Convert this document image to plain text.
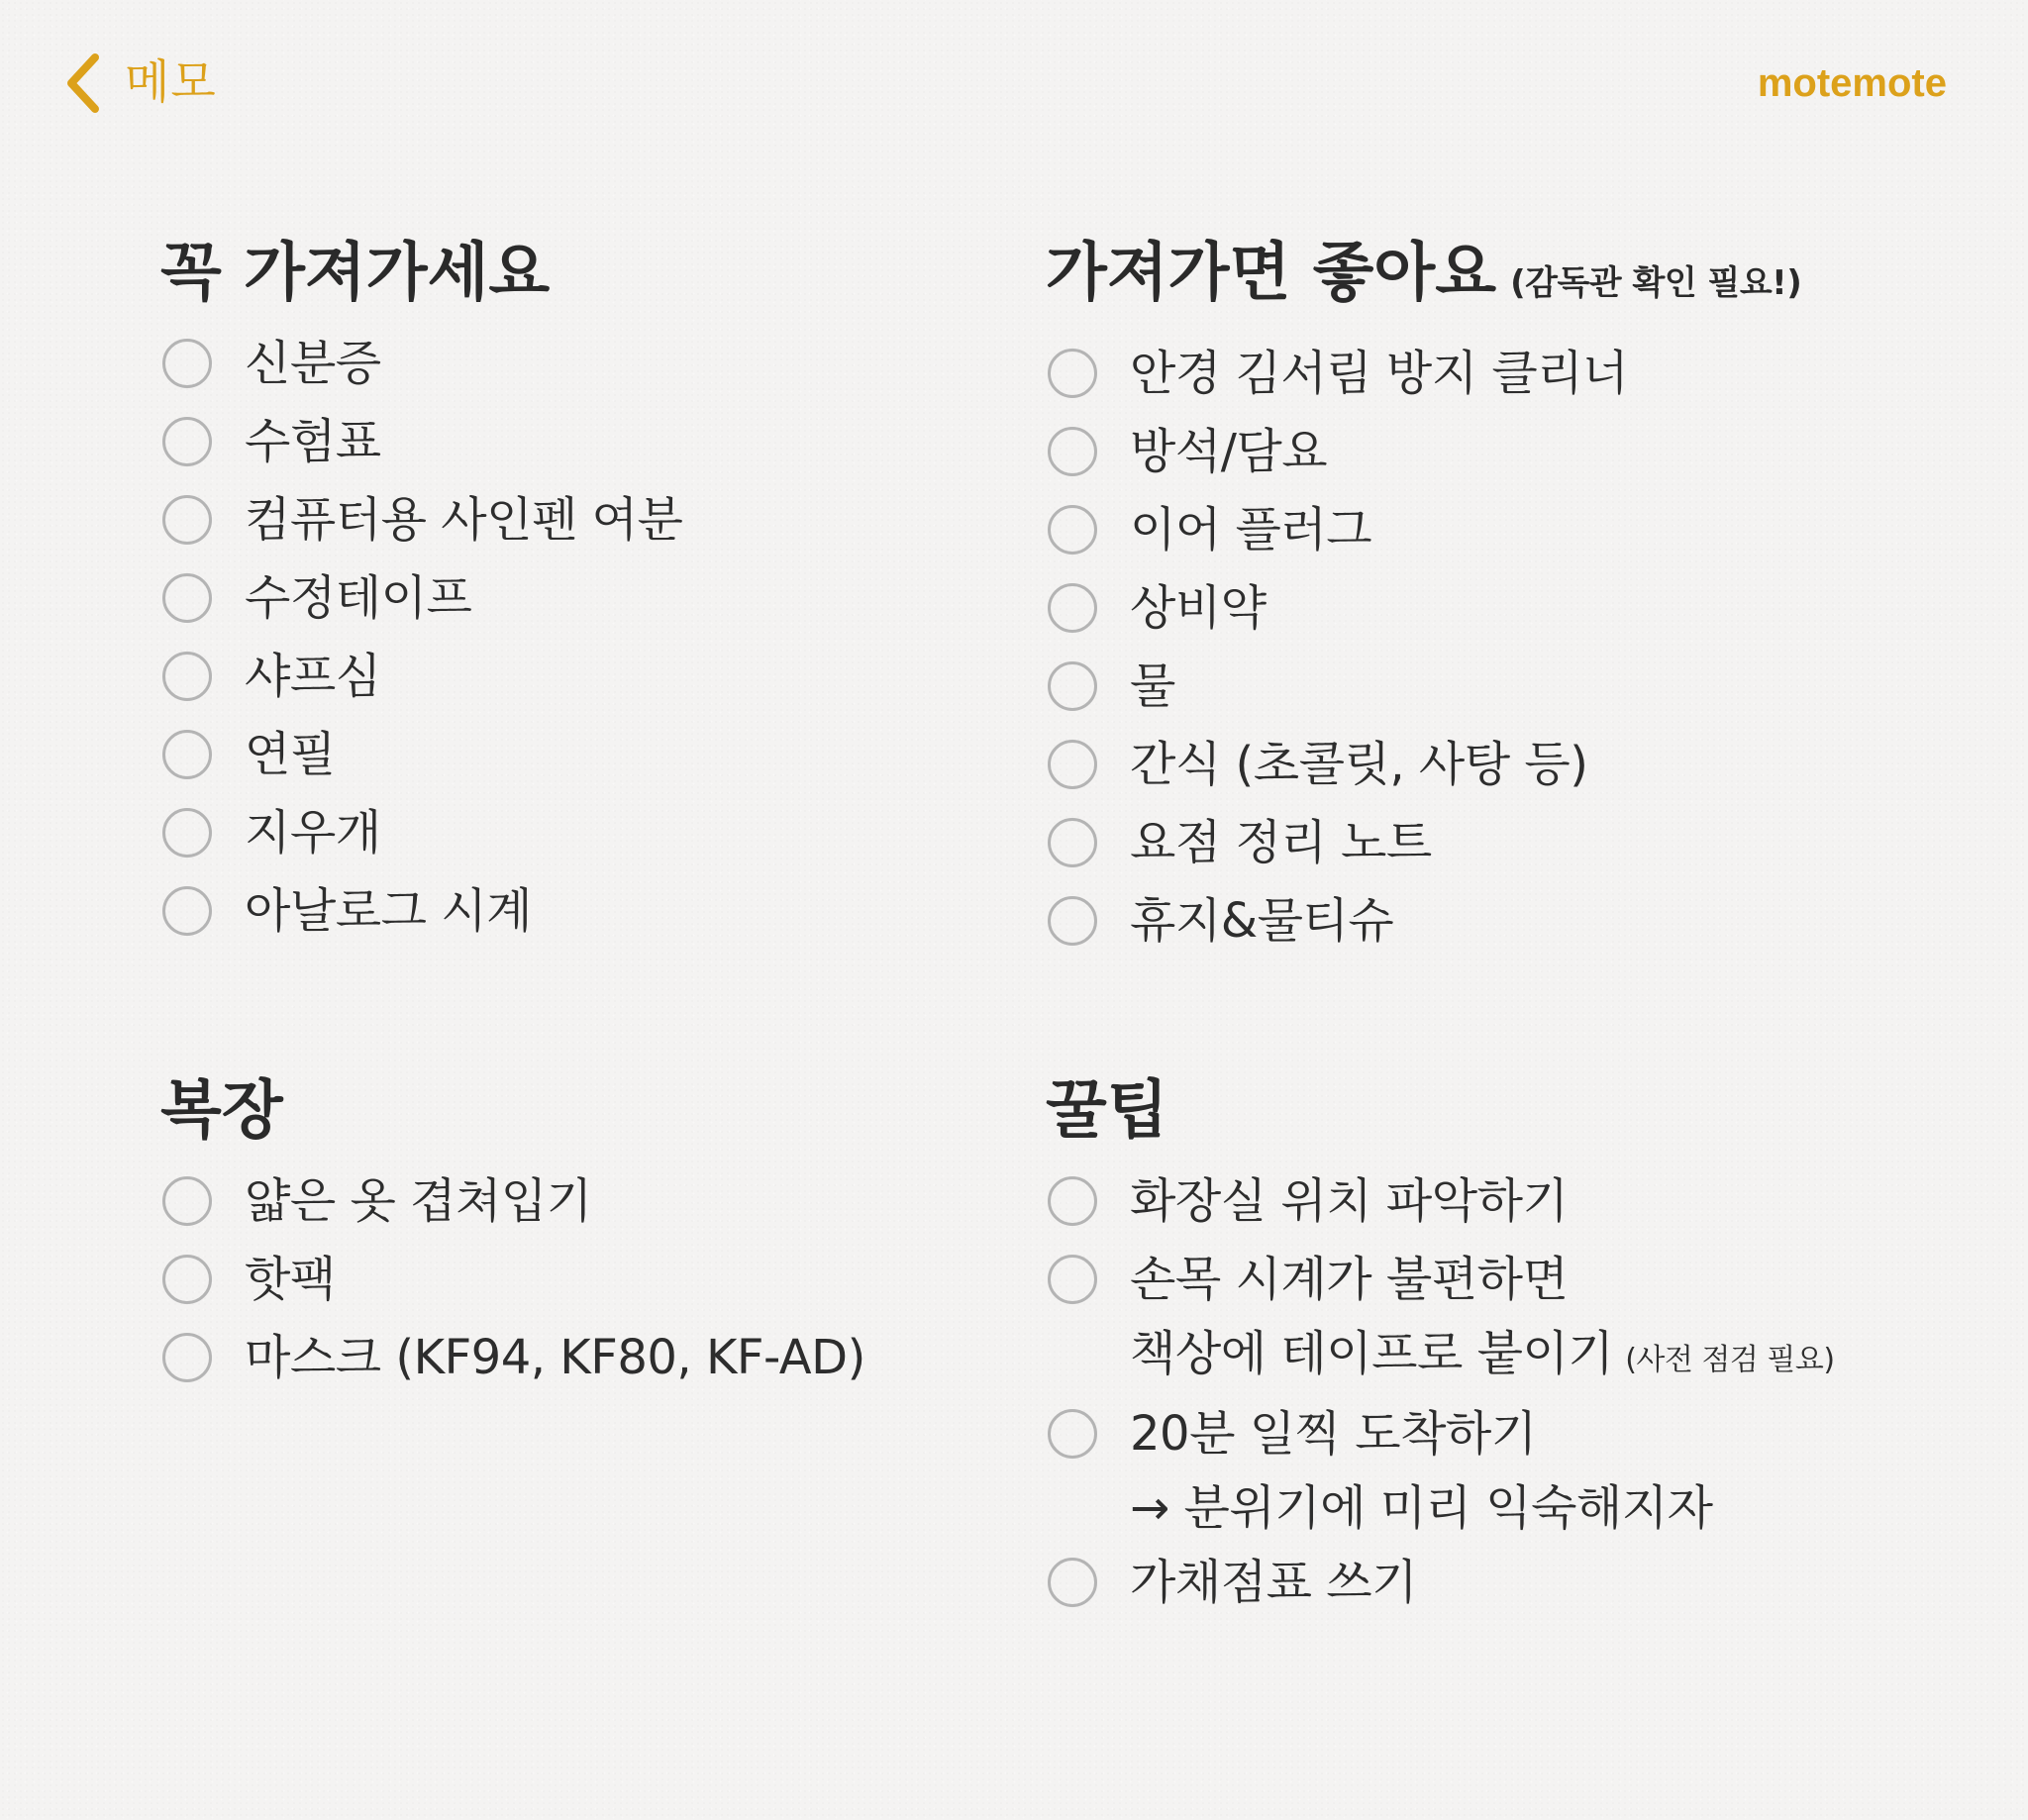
메모	motemote
꼭 가져가세요
신분증
수험표
컴퓨터용 사인펜 여분
수정테이프
샤프심
연필
지우개
아날로그 시계
가져가면 좋아요 (감독관 확인 필요!)
안경 김서림 방지 클리너
방석/담요
이어 플러그
상비약
물
간식 (초콜릿, 사탕 등)
요점 정리 노트
휴지&물티슈
복장
얇은 옷 겹쳐입기
핫팩
마스크 (KF94, KF80, KF-AD)
꿀팁
화장실 위치 파악하기
손목 시계가 불편하면
책상에 테이프로 붙이기 (사전 점검 필요)
20분 일찍 도착하기
→ 분위기에 미리 익숙해지자
가채점표 쓰기
